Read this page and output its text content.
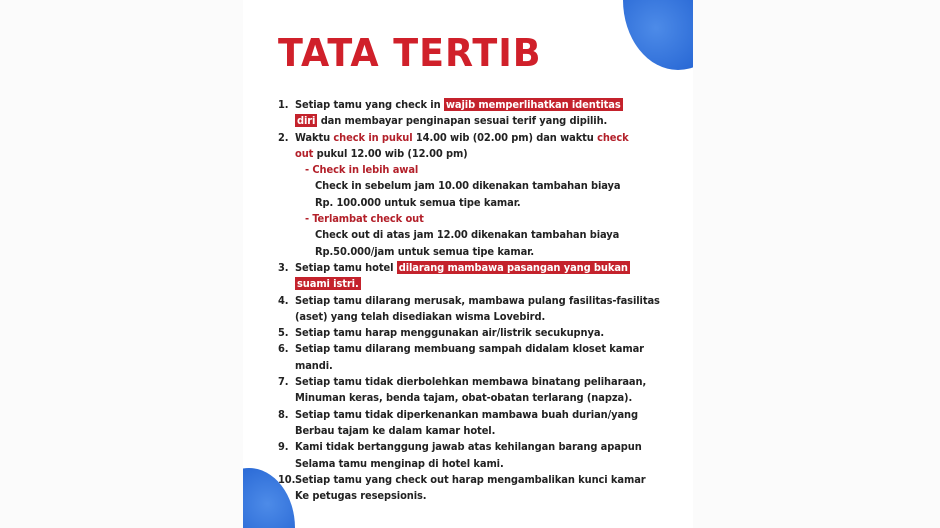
TATA TERTIB
1. Setiap tamu yang check in wajib memperlihatkan identitas
diri dan membayar penginapan sesuai terif yang dipilih.
2. Waktu check in pukul 14.00 wib (02.00 pm) dan waktu check
out pukul 12.00 wib (12.00 pm)
- Check in lebih awal
Check in sebelum jam 10.00 dikenakan tambahan biaya
Rp. 100.000 untuk semua tipe kamar.
- Terlambat check out
Check out di atas jam 12.00 dikenakan tambahan biaya
Rp.50.000/jam untuk semua tipe kamar.
3. Setiap tamu hotel dilarang mambawa pasangan yang bukan
suami istri.
4. Setiap tamu dilarang merusak, mambawa pulang fasilitas-fasilitas
(aset) yang telah disediakan wisma Lovebird.
5. Setiap tamu harap menggunakan air/listrik secukupnya.
6. Setiap tamu dilarang membuang sampah didalam kloset kamar
mandi.
7. Setiap tamu tidak dierbolehkan membawa binatang peliharaan,
Minuman keras, benda tajam, obat-obatan terlarang (napza).
8. Setiap tamu tidak diperkenankan mambawa buah durian/yang
Berbau tajam ke dalam kamar hotel.
9. Kami tidak bertanggung jawab atas kehilangan barang apapun
Selama tamu menginap di hotel kami.
10. Setiap tamu yang check out harap mengambalikan kunci kamar
Ke petugas resepsionis.
